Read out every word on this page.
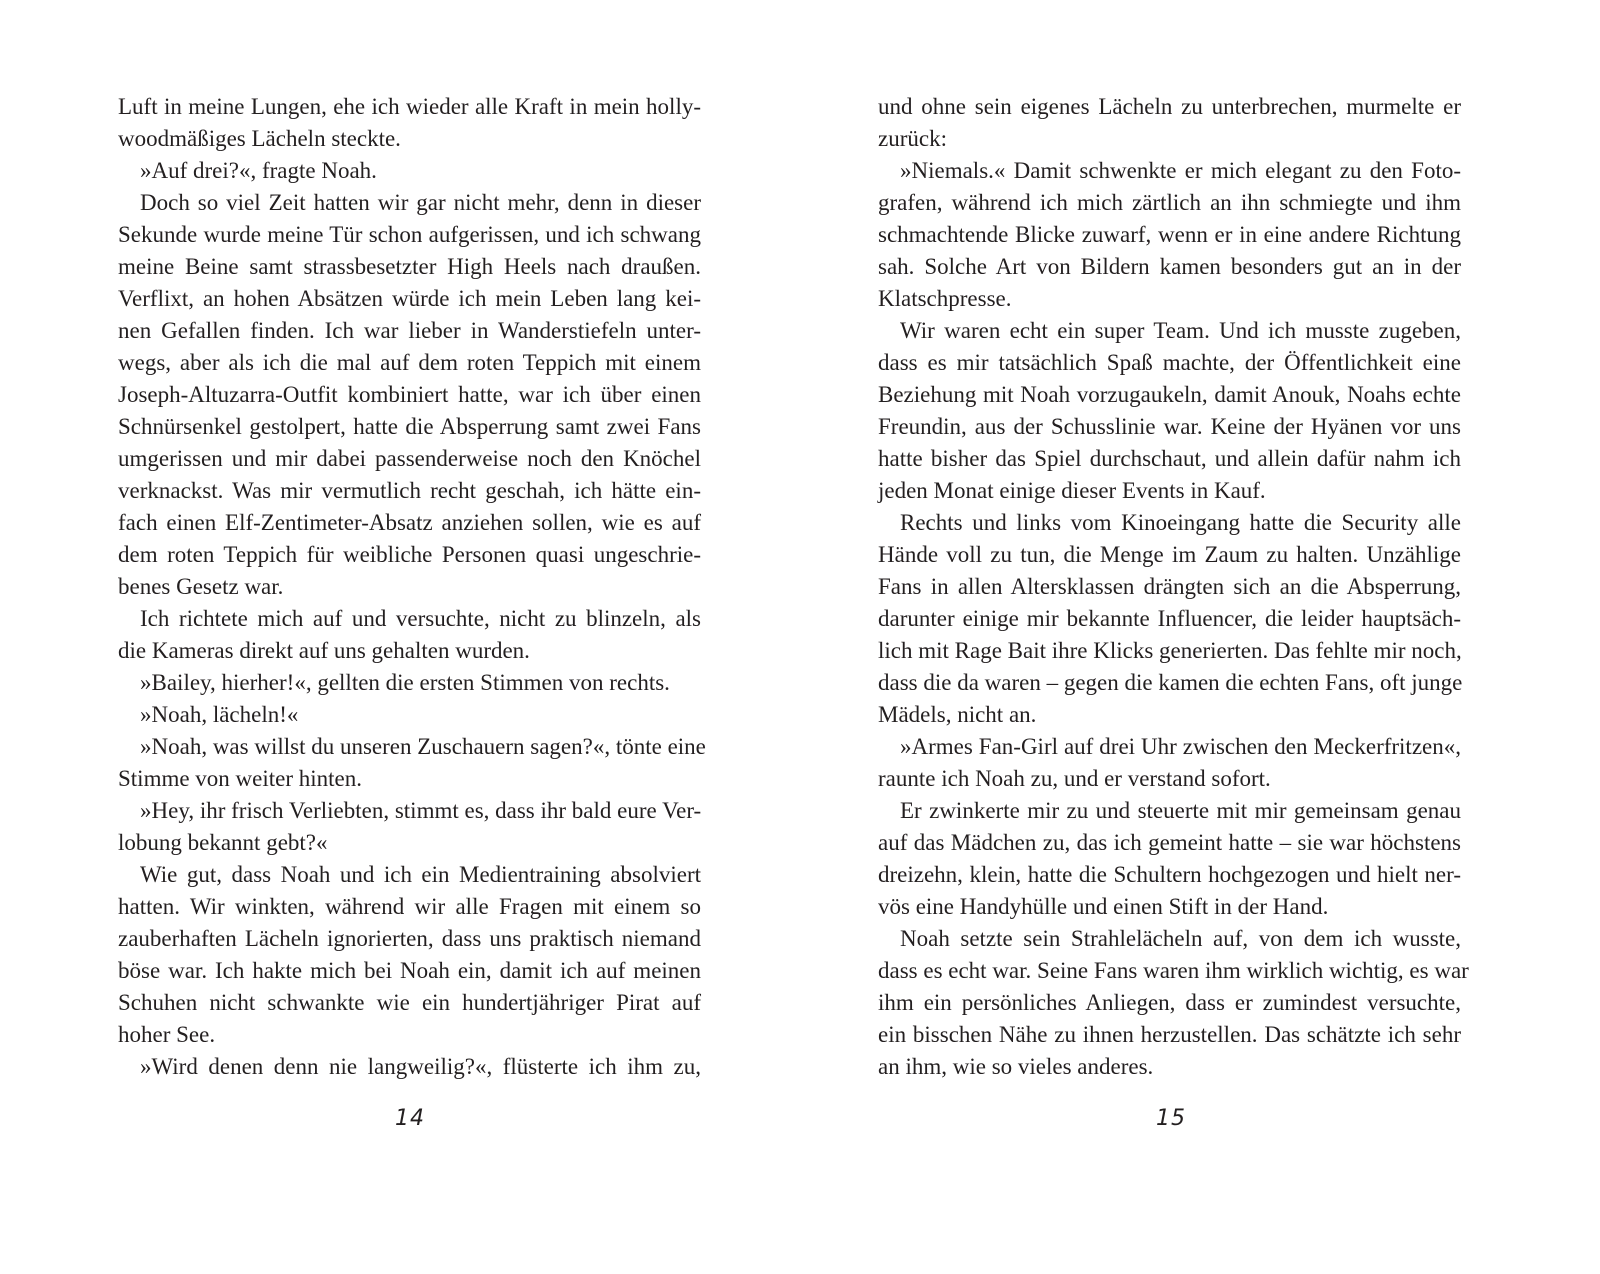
Luft in meine Lungen, ehe ich wieder alle Kraft in mein holly-
woodmäßiges Lächeln steckte.
»Auf drei?«, fragte Noah.
Doch so viel Zeit hatten wir gar nicht mehr, denn in dieser
Sekunde wurde meine Tür schon aufgerissen, und ich schwang
meine Beine samt strassbesetzter High Heels nach draußen.
Verflixt, an hohen Absätzen würde ich mein Leben lang kei-
nen Gefallen finden. Ich war lieber in Wanderstiefeln unter-
wegs, aber als ich die mal auf dem roten Teppich mit einem
Joseph-Altuzarra-Outfit kombiniert hatte, war ich über einen
Schnürsenkel gestolpert, hatte die Absperrung samt zwei Fans
umgerissen und mir dabei passenderweise noch den Knöchel
verknackst. Was mir vermutlich recht geschah, ich hätte ein-
fach einen Elf-Zentimeter-Absatz anziehen sollen, wie es auf
dem roten Teppich für weibliche Personen quasi ungeschrie-
benes Gesetz war.
Ich richtete mich auf und versuchte, nicht zu blinzeln, als
die Kameras direkt auf uns gehalten wurden.
»Bailey, hierher!«, gellten die ersten Stimmen von rechts.
»Noah, lächeln!«
»Noah, was willst du unseren Zuschauern sagen?«, tönte eine
Stimme von weiter hinten.
»Hey, ihr frisch Verliebten, stimmt es, dass ihr bald eure Ver-
lobung bekannt gebt?«
Wie gut, dass Noah und ich ein Medientraining absolviert
hatten. Wir winkten, während wir alle Fragen mit einem so
zauberhaften Lächeln ignorierten, dass uns praktisch niemand
böse war. Ich hakte mich bei Noah ein, damit ich auf meinen
Schuhen nicht schwankte wie ein hundertjähriger Pirat auf
hoher See.
»Wird denen denn nie langweilig?«, flüsterte ich ihm zu,
14
und ohne sein eigenes Lächeln zu unterbrechen, murmelte er
zurück:
»Niemals.« Damit schwenkte er mich elegant zu den Foto-
grafen, während ich mich zärtlich an ihn schmiegte und ihm
schmachtende Blicke zuwarf, wenn er in eine andere Richtung
sah. Solche Art von Bildern kamen besonders gut an in der
Klatschpresse.
Wir waren echt ein super Team. Und ich musste zugeben,
dass es mir tatsächlich Spaß machte, der Öffentlichkeit eine
Beziehung mit Noah vorzugaukeln, damit Anouk, Noahs echte
Freundin, aus der Schusslinie war. Keine der Hyänen vor uns
hatte bisher das Spiel durchschaut, und allein dafür nahm ich
jeden Monat einige dieser Events in Kauf.
Rechts und links vom Kinoeingang hatte die Security alle
Hände voll zu tun, die Menge im Zaum zu halten. Unzählige
Fans in allen Altersklassen drängten sich an die Absperrung,
darunter einige mir bekannte Influencer, die leider hauptsäch-
lich mit Rage Bait ihre Klicks generierten. Das fehlte mir noch,
dass die da waren – gegen die kamen die echten Fans, oft junge
Mädels, nicht an.
»Armes Fan-Girl auf drei Uhr zwischen den Meckerfritzen«,
raunte ich Noah zu, und er verstand sofort.
Er zwinkerte mir zu und steuerte mit mir gemeinsam genau
auf das Mädchen zu, das ich gemeint hatte – sie war höchstens
dreizehn, klein, hatte die Schultern hochgezogen und hielt ner-
vös eine Handyhülle und einen Stift in der Hand.
Noah setzte sein Strahlelächeln auf, von dem ich wusste,
dass es echt war. Seine Fans waren ihm wirklich wichtig, es war
ihm ein persönliches Anliegen, dass er zumindest versuchte,
ein bisschen Nähe zu ihnen herzustellen. Das schätzte ich sehr
an ihm, wie so vieles anderes.
15
